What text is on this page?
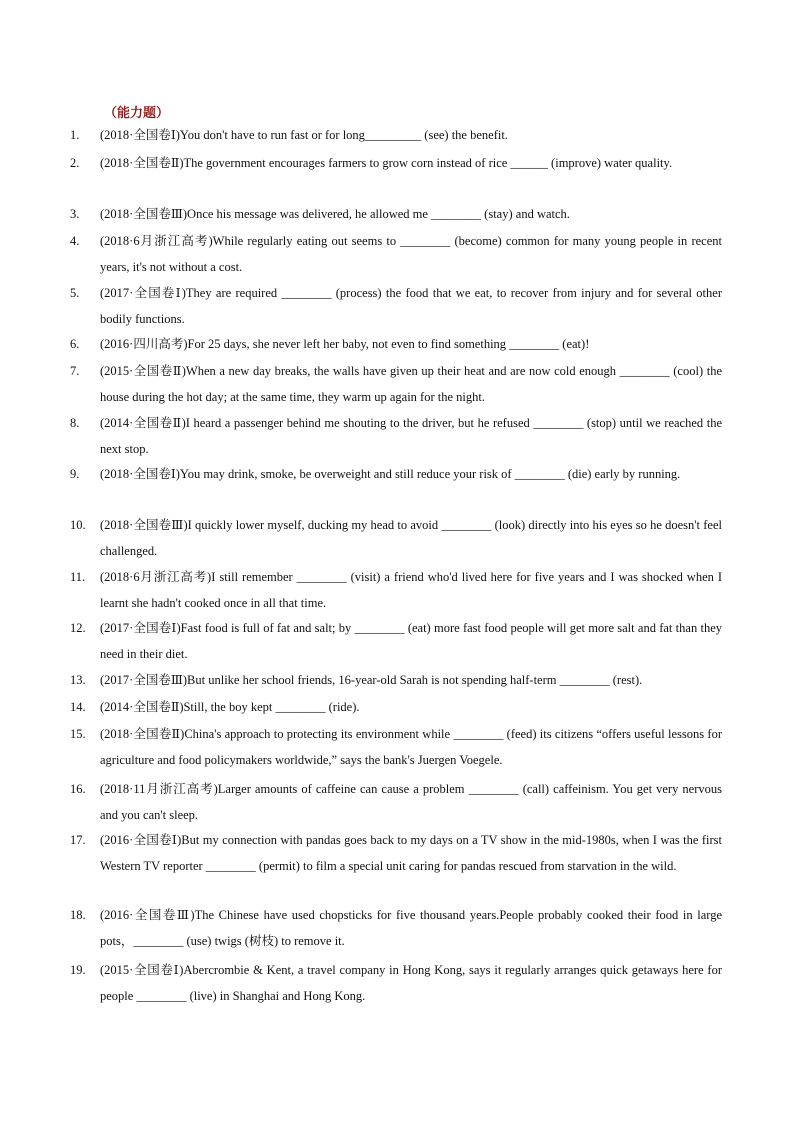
（能力题）
1.	(2018·全国卷Ⅰ)You don't have to run fast or for long_________ (see) the benefit.
2.	(2018·全国卷Ⅱ)The government encourages farmers to grow corn instead of rice ______ (improve) water quality.
3.	(2018·全国卷Ⅲ)Once his message was delivered, he allowed me ________ (stay) and watch.
4.	(2018·6月浙江高考)While regularly eating out seems to ________ (become) common for many young people in recent years, it's not without a cost.
5.	(2017·全国卷Ⅰ)They are required ________ (process) the food that we eat, to recover from injury and for several other bodily functions.
6.	(2016·四川高考)For 25 days, she never left her baby, not even to find something ________ (eat)!
7.	(2015·全国卷Ⅱ)When a new day breaks, the walls have given up their heat and are now cold enough ________ (cool) the house during the hot day; at the same time, they warm up again for the night.
8.	(2014·全国卷Ⅱ)I heard a passenger behind me shouting to the driver, but he refused ________ (stop) until we reached the next stop.
9.	(2018·全国卷Ⅰ)You may drink, smoke, be overweight and still reduce your risk of ________ (die) early by running.
10.	(2018·全国卷Ⅲ)I quickly lower myself, ducking my head to avoid ________ (look) directly into his eyes so he doesn't feel challenged.
11.	(2018·6月浙江高考)I still remember ________ (visit) a friend who'd lived here for five years and I was shocked when I learnt she hadn't cooked once in all that time.
12.	(2017·全国卷Ⅰ)Fast food is full of fat and salt; by ________ (eat) more fast food people will get more salt and fat than they need in their diet.
13.	(2017·全国卷Ⅲ)But unlike her school friends, 16-year-old Sarah is not spending half-term ________ (rest).
14.	(2014·全国卷Ⅱ)Still, the boy kept ________ (ride).
15.	(2018·全国卷Ⅱ)China's approach to protecting its environment while ________ (feed) its citizens “offers useful lessons for agriculture and food policymakers worldwide,” says the bank's Juergen Voegele.
16.	(2018·11月浙江高考)Larger amounts of caffeine can cause a problem ________ (call) caffeinism. You get very nervous and you can't sleep.
17.	(2016·全国卷Ⅰ)But my connection with pandas goes back to my days on a TV show in the mid-1980s, when I was the first Western TV reporter ________ (permit) to film a special unit caring for pandas rescued from starvation in the wild.
18.	(2016·全国卷Ⅲ)The Chinese have used chopsticks for five thousand years.People probably cooked their food in large pots，________ (use) twigs (树枝) to remove it.
19.	(2015·全国卷Ⅰ)Abercrombie & Kent, a travel company in Hong Kong, says it regularly arranges quick getaways here for people ________ (live) in Shanghai and Hong Kong.
